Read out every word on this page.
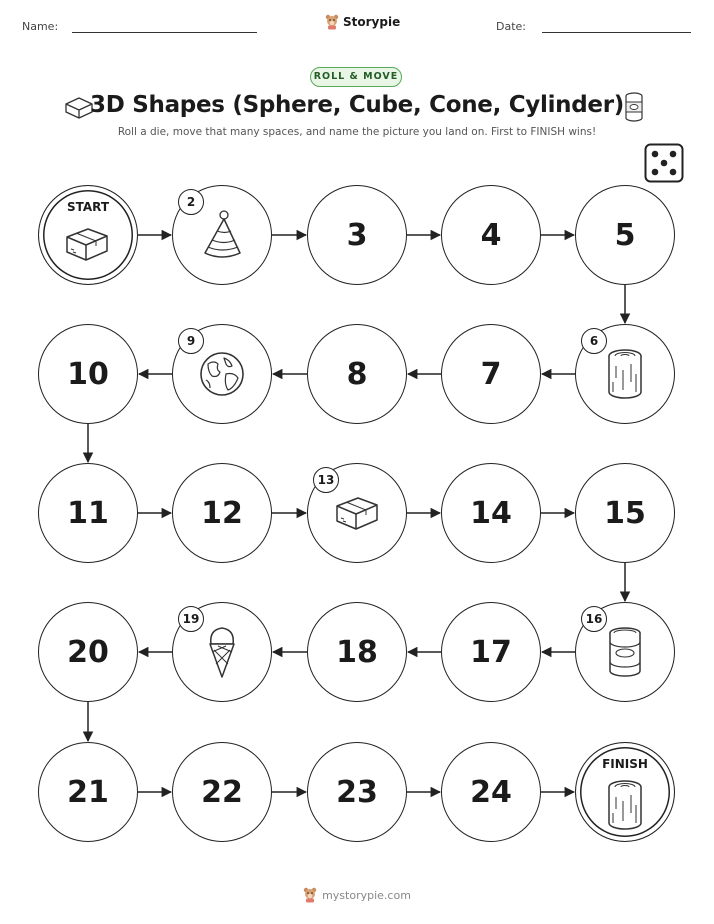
Name:	Storypie	Date:
ROLL & MOVE
3D Shapes (Sphere, Cube, Cone, Cylinder)
Roll a die, move that many spaces, and name the picture you land on. First to FINISH wins!
START	2
3	4	5
6
7
8
9
10
11	12
13
14	15
16
17
18
19
20
21	22	23	24
FINISH
mystorypie.com
